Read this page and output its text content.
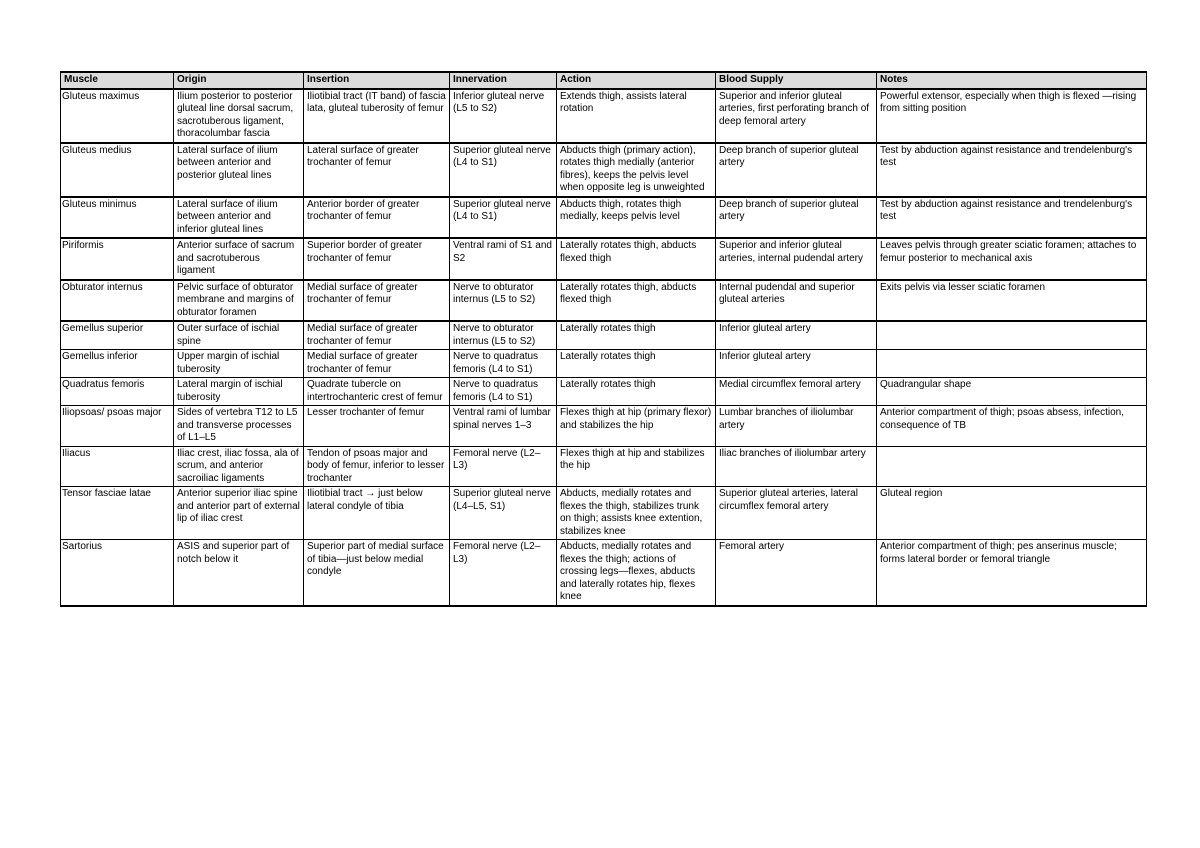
Muscle	Origin	Insertion	Innervation	Action	Blood Supply	Notes
Gluteus maximus	Ilium posterior to posterior gluteal line dorsal sacrum, sacrotuberous ligament, thoracolumbar fascia	Iliotibial tract (IT band) of fascia lata, gluteal tuberosity of femur	Inferior gluteal nerve (L5 to S2)	Extends thigh, assists lateral rotation	Superior and inferior gluteal arteries, first perforating branch of deep femoral artery	Powerful extensor, especially when thigh is flexed —rising from sitting position
Gluteus medius	Lateral surface of ilium between anterior and posterior gluteal lines	Lateral surface of greater trochanter of femur	Superior gluteal nerve (L4 to S1)	Abducts thigh (primary action), rotates thigh medially (anterior fibres), keeps the pelvis level when opposite leg is unweighted	Deep branch of superior gluteal artery	Test by abduction against resistance and trendelenburg's test
Gluteus minimus	Lateral surface of ilium between anterior and inferior gluteal lines	Anterior border of greater trochanter of femur	Superior gluteal nerve (L4 to S1)	Abducts thigh, rotates thigh medially, keeps pelvis level	Deep branch of superior gluteal artery	Test by abduction against resistance and trendelenburg's test
Piriformis	Anterior surface of sacrum and sacrotuberous ligament	Superior border of greater trochanter of femur	Ventral rami of S1 and S2	Laterally rotates thigh, abducts flexed thigh	Superior and inferior gluteal arteries, internal pudendal artery	Leaves pelvis through greater sciatic foramen; attaches to femur posterior to mechanical axis
Obturator internus	Pelvic surface of obturator membrane and margins of obturator foramen	Medial surface of greater trochanter of femur	Nerve to obturator internus (L5 to S2)	Laterally rotates thigh, abducts flexed thigh	Internal pudendal and superior gluteal arteries	Exits pelvis via lesser sciatic foramen
Gemellus superior	Outer surface of ischial spine	Medial surface of greater trochanter of femur	Nerve to obturator internus (L5 to S2)	Laterally rotates thigh	Inferior gluteal artery	
Gemellus inferior	Upper margin of ischial tuberosity	Medial surface of greater trochanter of femur	Nerve to quadratus femoris (L4 to S1)	Laterally rotates thigh	Inferior gluteal artery	
Quadratus femoris	Lateral margin of ischial tuberosity	Quadrate tubercle on intertrochanteric crest of femur	Nerve to quadratus femoris (L4 to S1)	Laterally rotates thigh	Medial circumflex femoral artery	Quadrangular shape
Iliopsoas/ psoas major	Sides of vertebra T12 to L5 and transverse processes of L1–L5	Lesser trochanter of femur	Ventral rami of lumbar spinal nerves 1–3	Flexes thigh at hip (primary flexor) and stabilizes the hip	Lumbar branches of iliolumbar artery	Anterior compartment of thigh; psoas absess, infection, consequence of TB
Iliacus	Iliac crest, iliac fossa, ala of scrum, and anterior sacroiliac ligaments	Tendon of psoas major and body of femur, inferior to lesser trochanter	Femoral nerve (L2–L3)	Flexes thigh at hip and stabilizes the hip	Iliac branches of iliolumbar artery	
Tensor fasciae latae	Anterior superior iliac spine and anterior part of external lip of iliac crest	Iliotibial tract → just below lateral condyle of tibia	Superior gluteal nerve (L4–L5, S1)	Abducts, medially rotates and flexes the thigh, stabilizes trunk on thigh; assists knee extention, stabilizes knee	Superior gluteal arteries, lateral circumflex femoral artery	Gluteal region
Sartorius	ASIS and superior part of notch below it	Superior part of medial surface of tibia—just below medial condyle	Femoral nerve (L2–L3)	Abducts, medially rotates and flexes the thigh; actions of crossing legs—flexes, abducts and laterally rotates hip, flexes knee	Femoral artery	Anterior compartment of thigh; pes anserinus muscle; forms lateral border or femoral triangle
